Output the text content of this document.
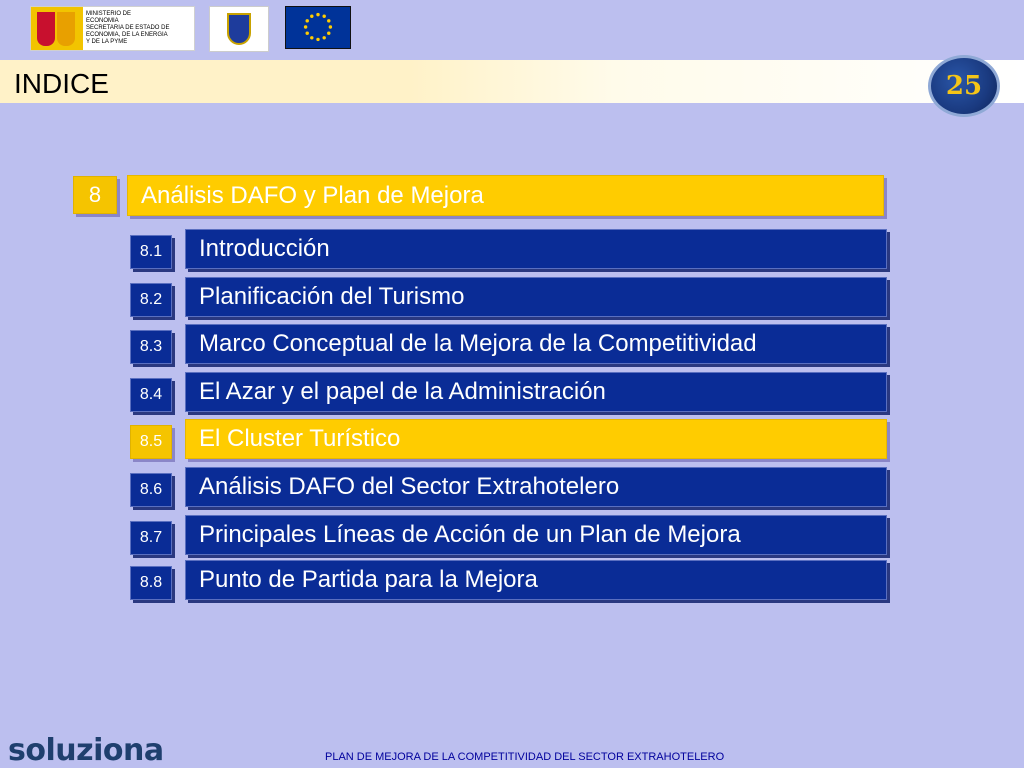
MINISTERIO DE
ECONOMIA
SECRETARIA DE ESTADO DE
ECONOMIA, DE LA ENERGIA
Y DE LA PYME
INDICE	25
8 Análisis DAFO y Plan de Mejora
8.1 Introducción
8.2 Planificación del Turismo
8.3 Marco Conceptual de la Mejora de la Competitividad
8.4 El Azar y el papel de la Administración
8.5 El Cluster Turístico
8.6 Análisis DAFO del Sector Extrahotelero
8.7 Principales Líneas de Acción de un Plan de Mejora
8.8 Punto de Partida para la Mejora
soluziona	PLAN DE MEJORA DE LA COMPETITIVIDAD DEL SECTOR EXTRAHOTELERO
